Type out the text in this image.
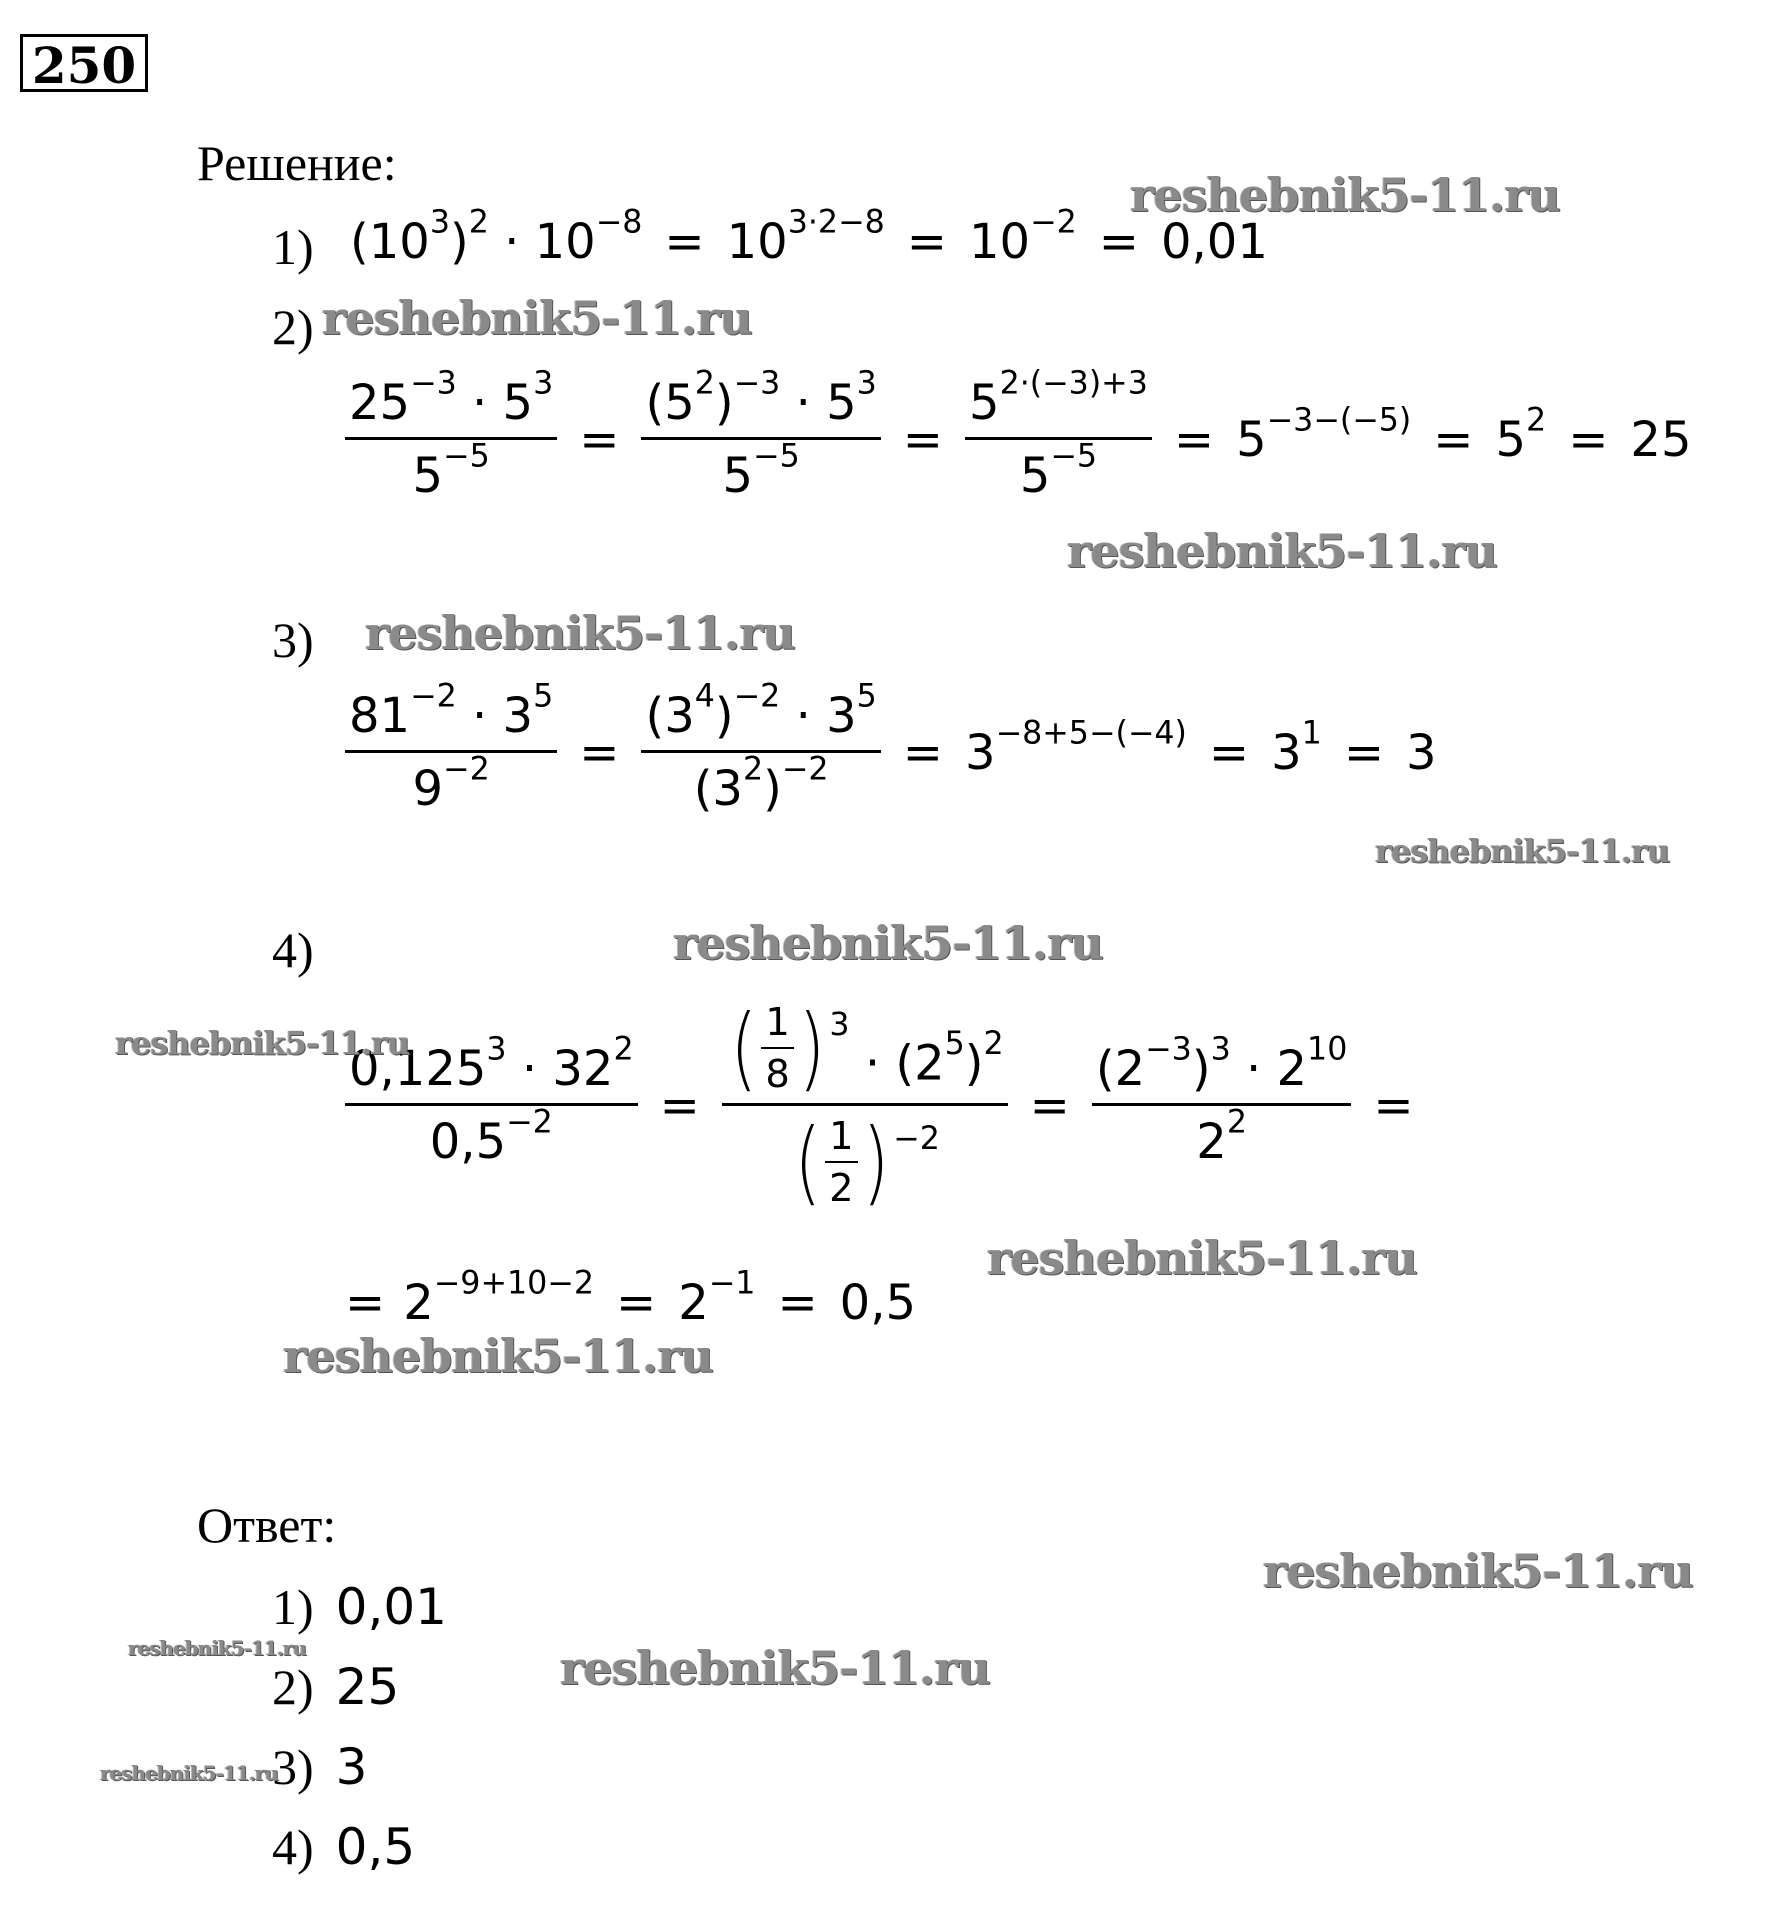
250
Решение:
1) $(10^3)^2 \cdot 10^{-8} = 10^{3\cdot 2-8} = 10^{-2} = 0,01$
2)
$\frac{25^{-3} \cdot 5^3}{5^{-5}} = \frac{(5^2)^{-3} \cdot 5^3}{5^{-5}} = \frac{5^{2\cdot(-3)+3}}{5^{-5}} = 5^{-3-(-5)} = 5^2 = 25$
3)
$\frac{81^{-2} \cdot 3^5}{9^{-2}} = \frac{(3^4)^{-2} \cdot 3^5}{(3^2)^{-2}} = 3^{-8+5-(-4)} = 3^1 = 3$
4)
$\frac{0,125^3 \cdot 32^2}{0,5^{-2}} = \frac{( \frac{1}{8} ) ^3 \cdot (2^5)^2}{( \frac{1}{2} ) ^{-2}} = \frac{(2^{-3})^3 \cdot 2^{10}}{2^2}$ =
= $2^{-9+10-2} = 2^{-1} = 0,5$
Ответ:
1) 0,01
2) 25
3) 3
4) 0,5
reshebnik5-11.ru
reshebnik5-11.ru
reshebnik5-11.ru
reshebnik5-11.ru
reshebnik5-11.ru
reshebnik5-11.ru
reshebnik5-11.ru
reshebnik5-11.ru
reshebnik5-11.ru
reshebnik5-11.ru
reshebnik5-11.ru
reshebnik5-11.ru
reshebnik5-11.ru
